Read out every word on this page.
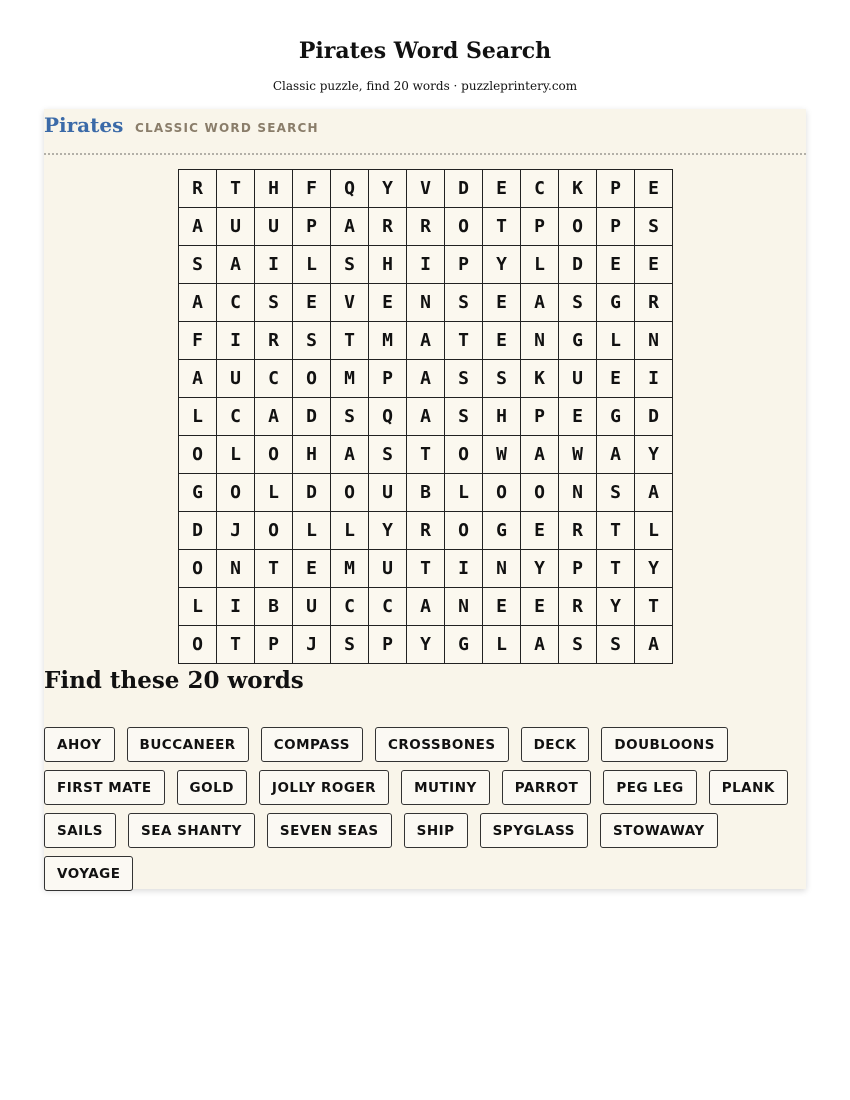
Pirates Word Search
Classic puzzle, find 20 words · puzzleprintery.com
Pirates CLASSIC WORD SEARCH
R	T	H	F	Q	Y	V	D	E	C	K	P	E
A	U	U	P	A	R	R	O	T	P	O	P	S
S	A	I	L	S	H	I	P	Y	L	D	E	E
A	C	S	E	V	E	N	S	E	A	S	G	R
F	I	R	S	T	M	A	T	E	N	G	L	N
A	U	C	O	M	P	A	S	S	K	U	E	I
L	C	A	D	S	Q	A	S	H	P	E	G	D
O	L	O	H	A	S	T	O	W	A	W	A	Y
G	O	L	D	O	U	B	L	O	O	N	S	A
D	J	O	L	L	Y	R	O	G	E	R	T	L
O	N	T	E	M	U	T	I	N	Y	P	T	Y
L	I	B	U	C	C	A	N	E	E	R	Y	T
O	T	P	J	S	P	Y	G	L	A	S	S	A
Find these 20 words
AHOY	BUCCANEER	COMPASS	CROSSBONES	DECK	DOUBLOONS
FIRST MATE	GOLD	JOLLY ROGER	MUTINY	PARROT	PEG LEG	PLANK
SAILS	SEA SHANTY	SEVEN SEAS	SHIP	SPYGLASS	STOWAWAY
VOYAGE
